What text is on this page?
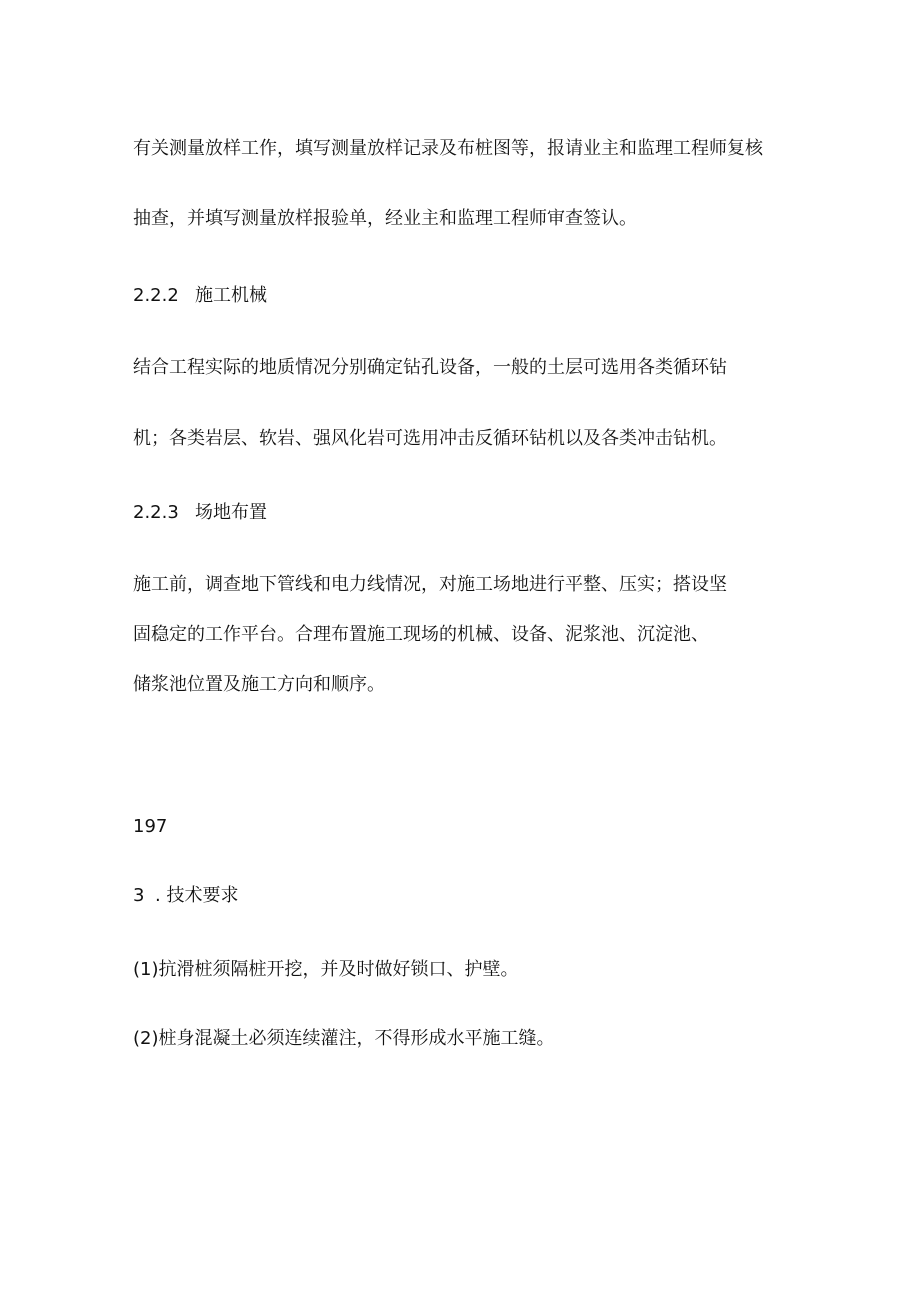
有关测量放样工作，填写测量放样记录及布桩图等，报请业主和监理工程师复核

抽查，并填写测量放样报验单，经业主和监理工程师审查签认。

2.2.2 施工机械

结合工程实际的地质情况分别确定钻孔设备，一般的土层可选用各类循环钻

机；各类岩层、软岩、强风化岩可选用冲击反循环钻机以及各类冲击钻机。

2.2.3 场地布置

施工前，调查地下管线和电力线情况，对施工场地进行平整、压实；搭设坚

固稳定的工作平台。合理布置施工现场的机械、设备、泥浆池、沉淀池、

储浆池位置及施工方向和顺序。

197

3 . 技术要求

(1)抗滑桩须隔桩开挖，并及时做好锁口、护壁。

(2)桩身混凝土必须连续灌注，不得形成水平施工缝。
